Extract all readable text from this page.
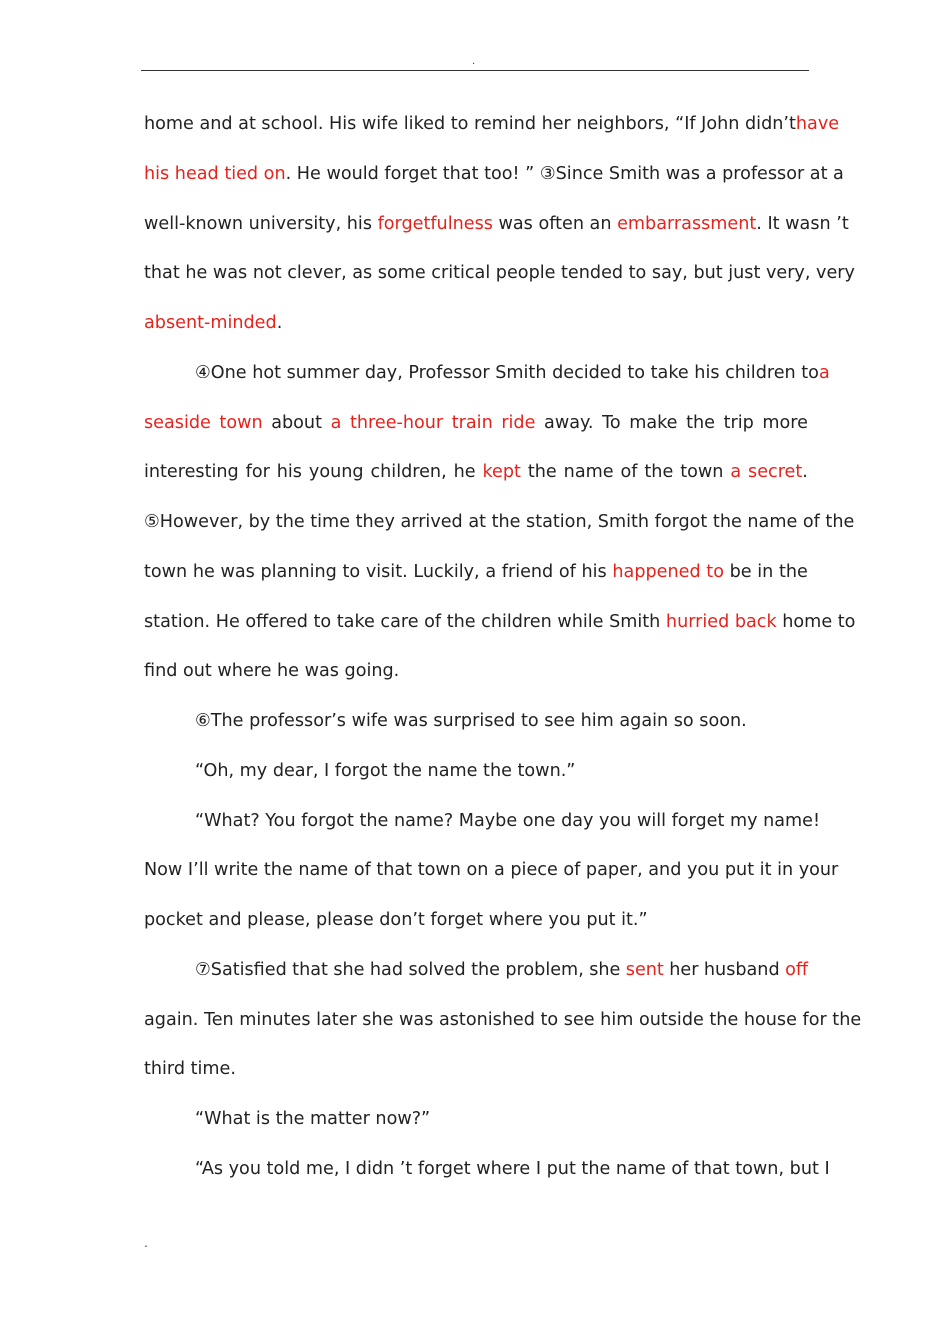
.
home and at school. His wife liked to remind her neighbors, “If John didn’t have
his head tied on. He would forget that too! ” ③Since Smith was a professor at a
well-known university, his forgetfulness was often an embarrassment. It wasn ’t
that he was not clever, as some critical people tended to say, but just very, very
absent-minded.
④One hot summer day, Professor Smith decided to take his children to a
seaside town about a three-hour train ride away. To make the trip more
interesting for his young children, he kept the name of the town a secret.
⑤However, by the time they arrived at the station, Smith forgot the name of the
town he was planning to visit. Luckily, a friend of his happened to be in the
station. He offered to take care of the children while Smith hurried back home to
find out where he was going.
⑥The professor’s wife was surprised to see him again so soon.
“Oh, my dear, I forgot the name the town.”
“What? You forgot the name? Maybe one day you will forget my name!
Now I’ll write the name of that town on a piece of paper, and you put it in your
pocket and please, please don’t forget where you put it.”
⑦Satisfied that she had solved the problem, she sent her husband off
again. Ten minutes later she was astonished to see him outside the house for the
third time.
“What is the matter now?”
“As you told me, I didn ’t forget where I put the name of that town, but I
.
